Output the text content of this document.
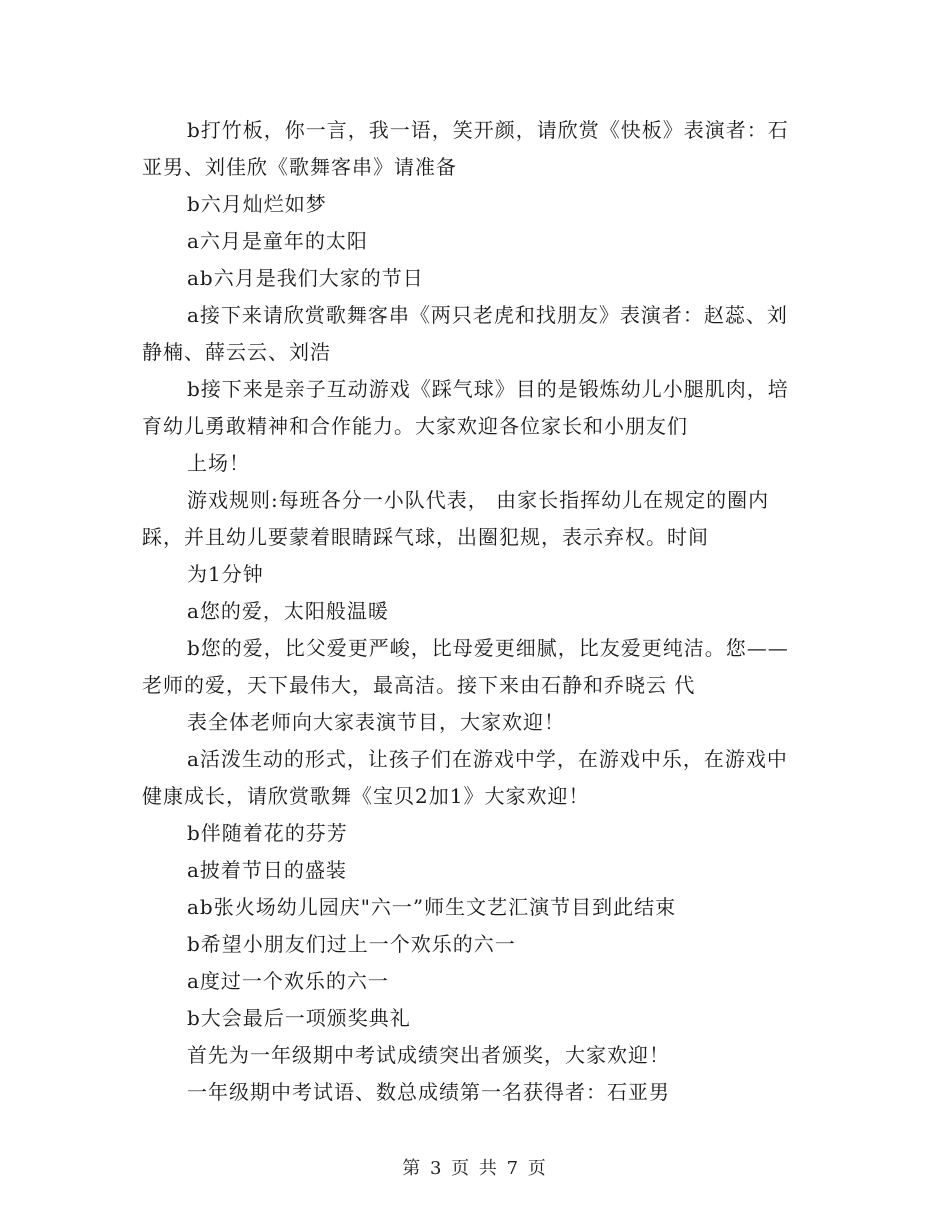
b打竹板，你一言，我一语，笑开颜，请欣赏《快板》表演者：石

亚男、刘佳欣《歌舞客串》请准备

b六月灿烂如梦

a六月是童年的太阳

ab六月是我们大家的节日

a接下来请欣赏歌舞客串《两只老虎和找朋友》表演者：赵蕊、刘

静楠、薛云云、刘浩

b接下来是亲子互动游戏《踩气球》目的是锻炼幼儿小腿肌肉，培

育幼儿勇敢精神和合作能力。大家欢迎各位家长和小朋友们

上场！

游戏规则:每班各分一小队代表， 由家长指挥幼儿在规定的圈内

踩，并且幼儿要蒙着眼睛踩气球，出圈犯规，表示弃权。时间

为1分钟

a您的爱，太阳般温暖

b您的爱，比父爱更严峻，比母爱更细腻，比友爱更纯洁。您——

老师的爱，天下最伟大，最高洁。接下来由石静和乔晓云 代

表全体老师向大家表演节目，大家欢迎！

a活泼生动的形式，让孩子们在游戏中学，在游戏中乐，在游戏中

健康成长，请欣赏歌舞《宝贝2加1》大家欢迎！

b伴随着花的芬芳

a披着节日的盛装

ab张火场幼儿园庆"六一”师生文艺汇演节目到此结束

b希望小朋友们过上一个欢乐的六一

a度过一个欢乐的六一

b大会最后一项颁奖典礼

首先为一年级期中考试成绩突出者颁奖，大家欢迎！

一年级期中考试语、数总成绩第一名获得者：石亚男

第 3 页 共 7 页
